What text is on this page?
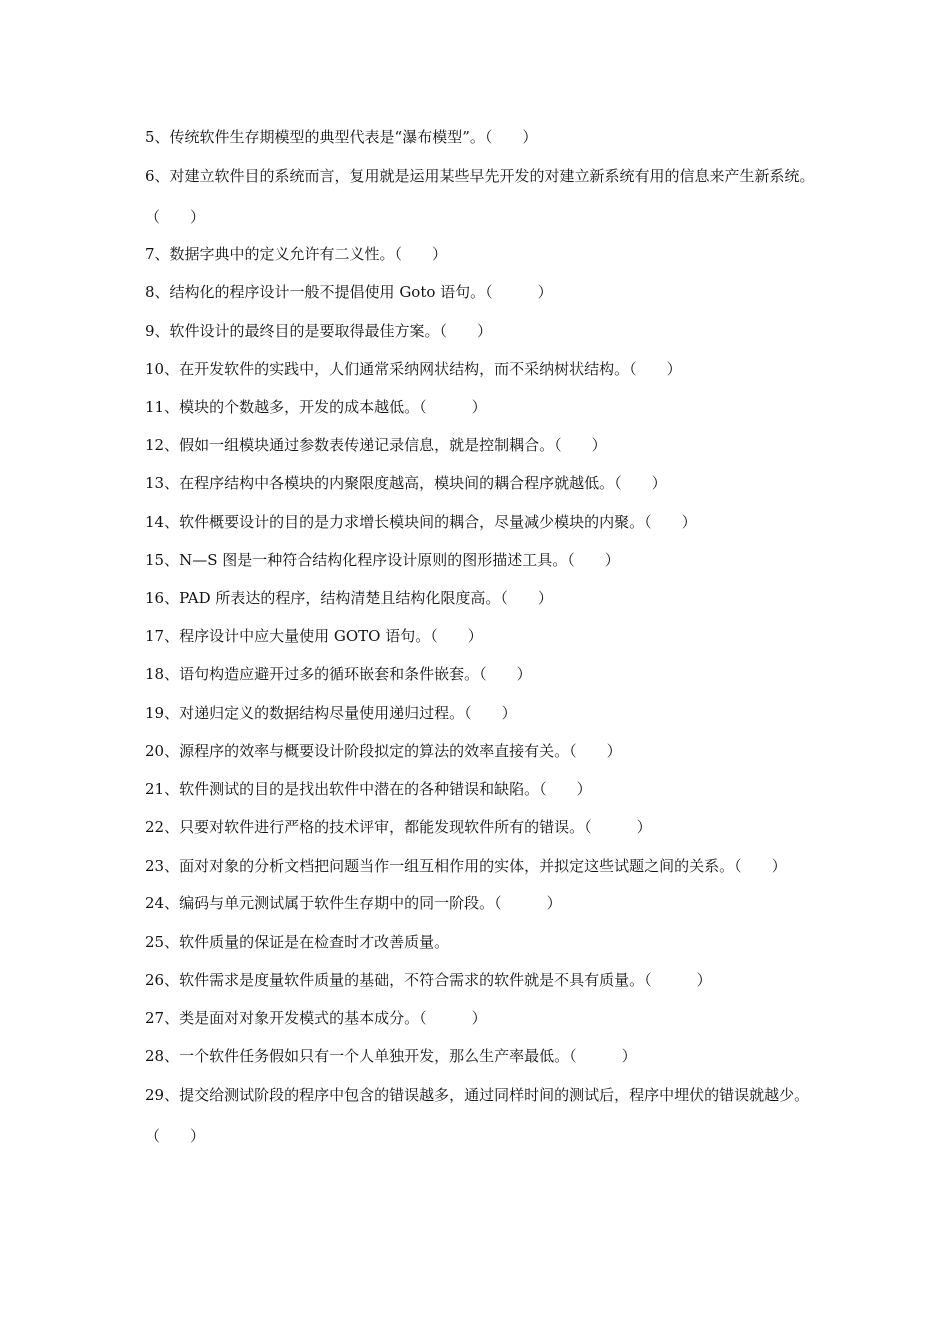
5、传统软件生存期模型的典型代表是“瀑布模型”。（　　）

6、对建立软件目的系统而言，复用就是运用某些早先开发的对建立新系统有用的信息来产生新系统。（　　）

7、数据字典中的定义允许有二义性。（　　）

8、结构化的程序设计一般不提倡使用 Goto 语句。（　　　）

9、软件设计的最终目的是要取得最佳方案。（　　）

10、在开发软件的实践中，人们通常采纳网状结构，而不采纳树状结构。（　　）

11、模块的个数越多，开发的成本越低。（　　　）

12、假如一组模块通过参数表传递记录信息，就是控制耦合。（　　）

13、在程序结构中各模块的内聚限度越高，模块间的耦合程序就越低。（　　）

14、软件概要设计的目的是力求增长模块间的耦合，尽量减少模块的内聚。（　　）

15、N—S 图是一种符合结构化程序设计原则的图形描述工具。（　　）

16、PAD 所表达的程序，结构清楚且结构化限度高。（　　）

17、程序设计中应大量使用 GOTO 语句。（　　）

18、语句构造应避开过多的循环嵌套和条件嵌套。（　　）

19、对递归定义的数据结构尽量使用递归过程。（　　）

20、源程序的效率与概要设计阶段拟定的算法的效率直接有关。（　　）

21、软件测试的目的是找出软件中潜在的各种错误和缺陷。（　　）

22、只要对软件进行严格的技术评审，都能发现软件所有的错误。（　　　）

23、面对对象的分析文档把问题当作一组互相作用的实体，并拟定这些试题之间的关系。（　　）

24、编码与单元测试属于软件生存期中的同一阶段。（　　　）

25、软件质量的保证是在检查时才改善质量。

26、软件需求是度量软件质量的基础，不符合需求的软件就是不具有质量。（　　　）

27、类是面对对象开发模式的基本成分。（　　　）

28、一个软件任务假如只有一个人单独开发，那么生产率最低。（　　　）

29、提交给测试阶段的程序中包含的错误越多，通过同样时间的测试后，程序中埋伏的错误就越少。（　　）
